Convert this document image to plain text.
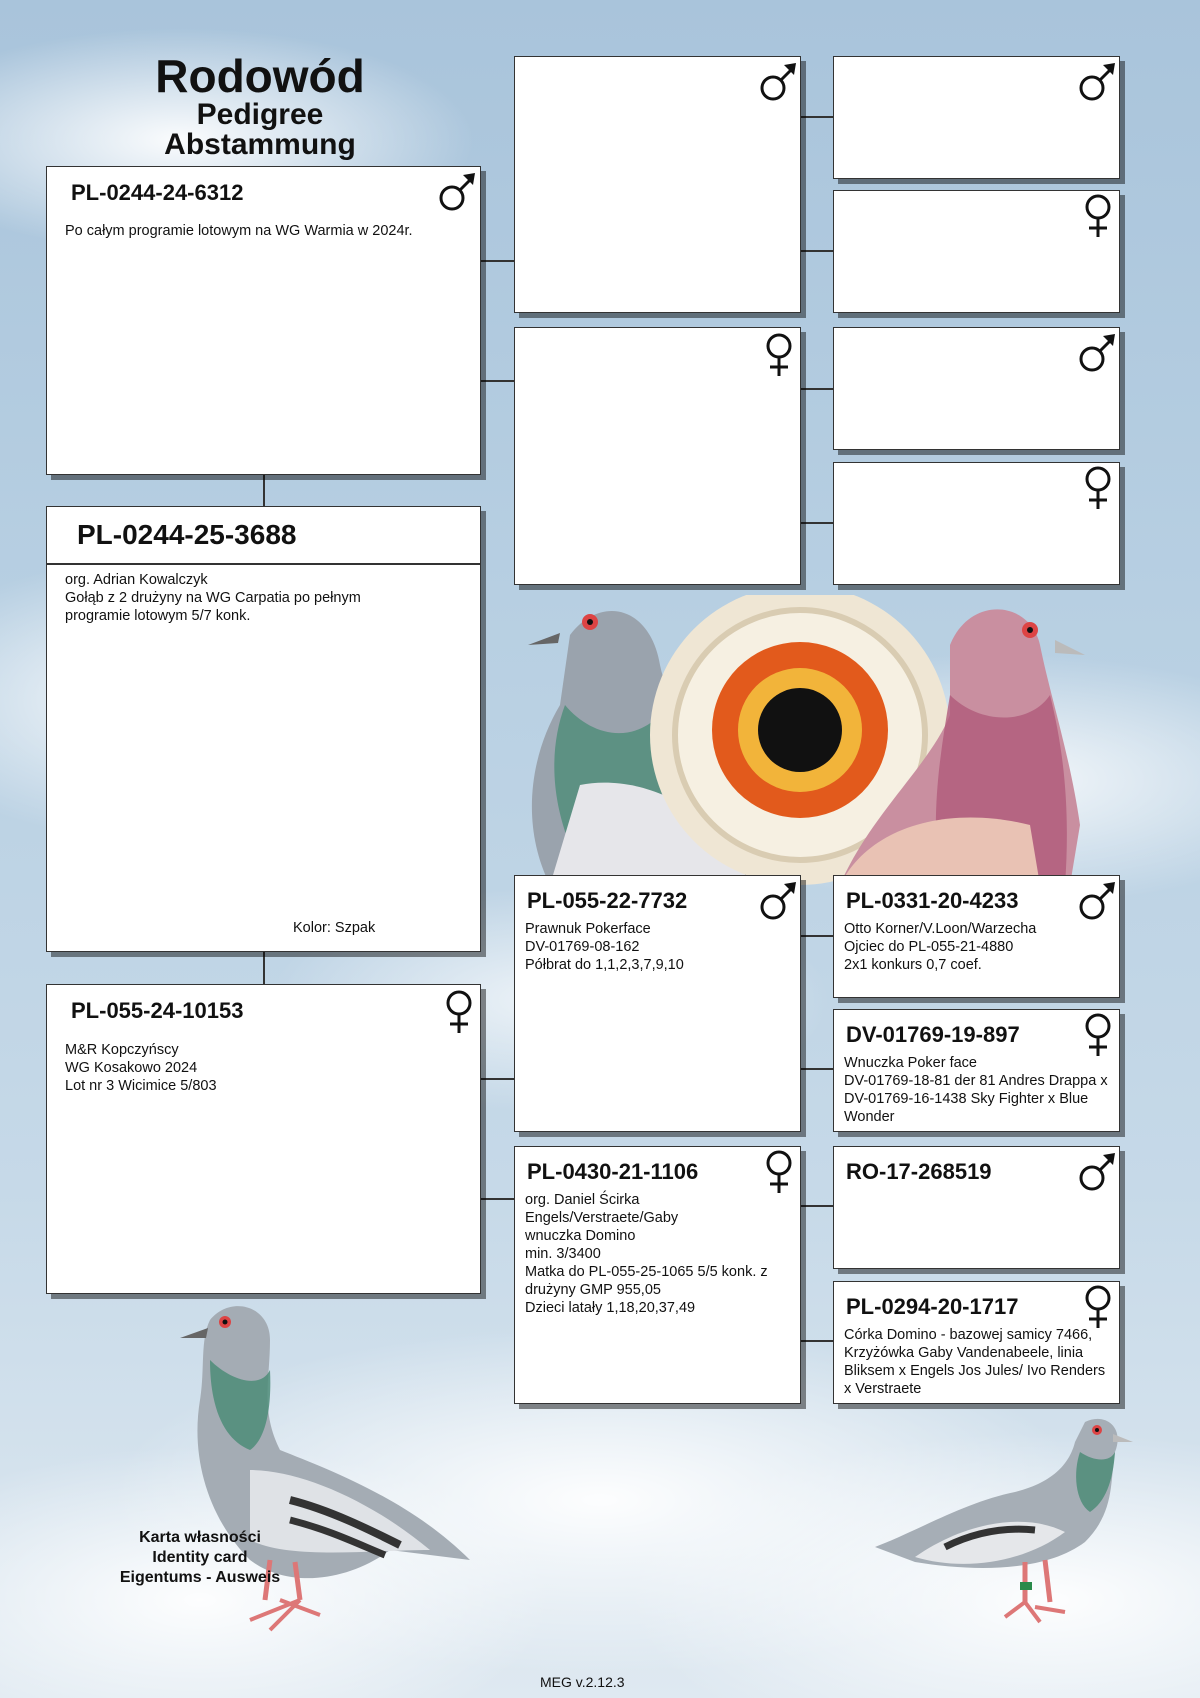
Rodowód
Pedigree
Abstammung
PL-0244-24-6312
Po całym programie lotowym na WG Warmia w 2024r.
PL-0244-25-3688
org. Adrian Kowalczyk
Gołąb z 2 drużyny na WG Carpatia po pełnym programie lotowym 5/7 konk.
Kolor: Szpak
PL-055-24-10153
M&R Kopczyńscy
WG Kosakowo 2024
Lot nr 3 Wicimice 5/803
PL-055-22-7732
Prawnuk Pokerface
DV-01769-08-162
Półbrat do 1,1,2,3,7,9,10
PL-0430-21-1106
org. Daniel Ścirka
Engels/Verstraete/Gaby
wnuczka Domino
min. 3/3400
Matka do PL-055-25-1065 5/5 konk. z drużyny GMP 955,05
Dzieci latały 1,18,20,37,49
PL-0331-20-4233
Otto Korner/V.Loon/Warzecha
Ojciec do PL-055-21-4880
2x1 konkurs 0,7 coef.
DV-01769-19-897
Wnuczka Poker face
DV-01769-18-81 der 81 Andres Drappa x DV-01769-16-1438 Sky Fighter x Blue Wonder
RO-17-268519
PL-0294-20-1717
Córka Domino - bazowej samicy 7466, Krzyżówka Gaby Vandenabeele, linia Bliksem x Engels Jos Jules/ Ivo Renders x Verstraete
Karta własności
Identity card
Eigentums - Ausweis
MEG v.2.12.3
